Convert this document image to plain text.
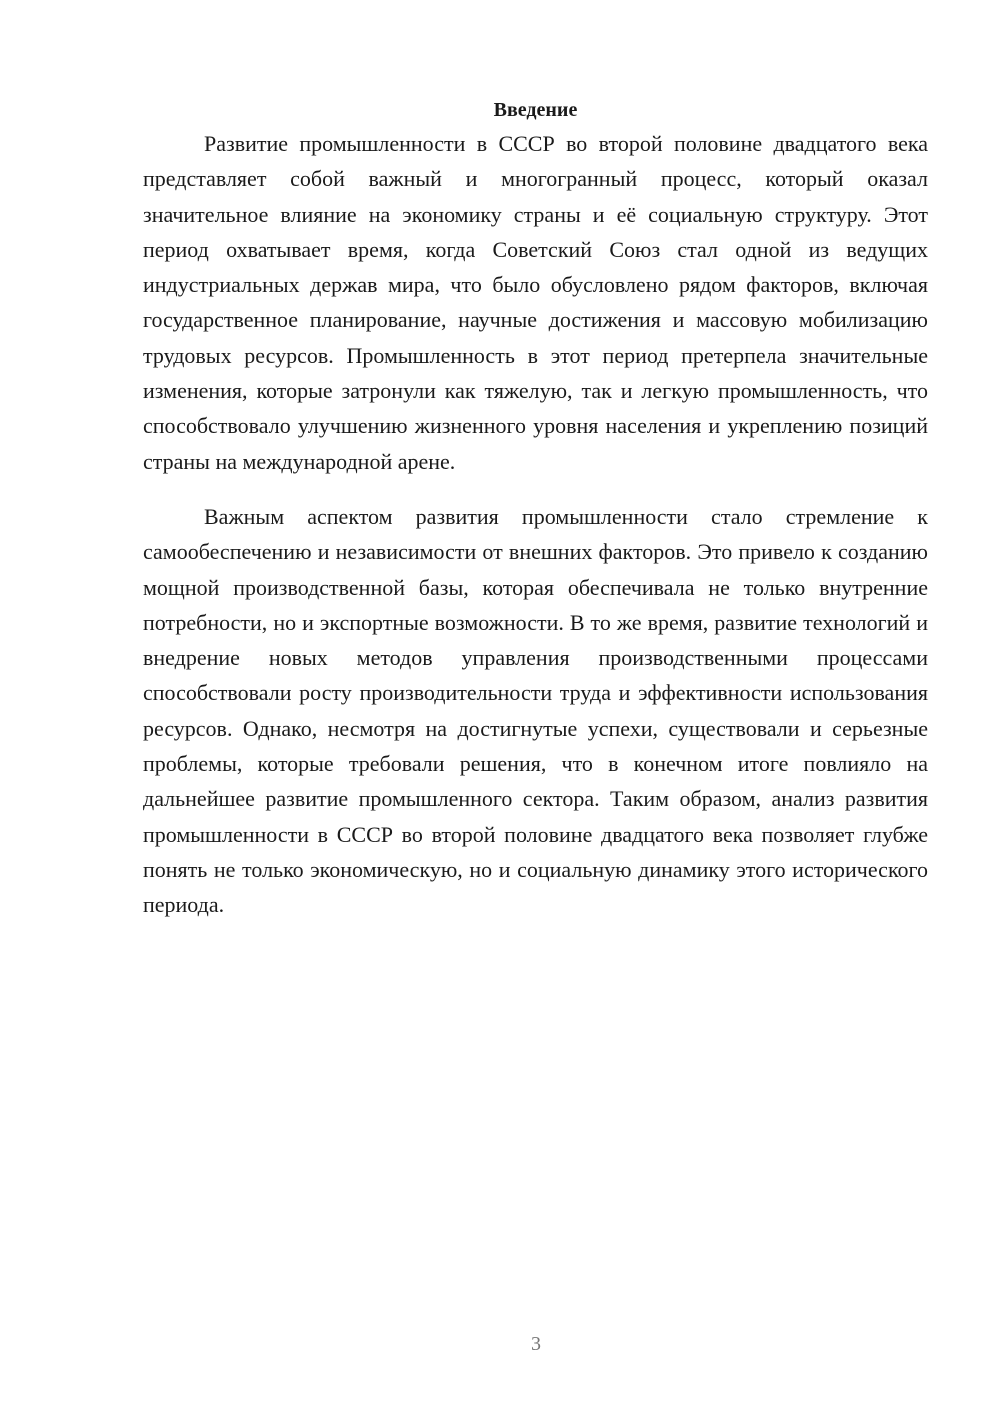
Введение

Развитие промышленности в СССР во второй половине двадцатого века представляет собой важный и многогранный процесс, который оказал значительное влияние на экономику страны и её социальную структуру. Этот период охватывает время, когда Советский Союз стал одной из ведущих индустриальных держав мира, что было обусловлено рядом факторов, включая государственное планирование, научные достижения и массовую мобилизацию трудовых ресурсов. Промышленность в этот период претерпела значительные изменения, которые затронули как тяжелую, так и легкую промышленность, что способствовало улучшению жизненного уровня населения и укреплению позиций страны на международной арене.

Важным аспектом развития промышленности стало стремление к самообеспечению и независимости от внешних факторов. Это привело к созданию мощной производственной базы, которая обеспечивала не только внутренние потребности, но и экспортные возможности. В то же время, развитие технологий и внедрение новых методов управления производственными процессами способствовали росту производительности труда и эффективности использования ресурсов. Однако, несмотря на достигнутые успехи, существовали и серьезные проблемы, которые требовали решения, что в конечном итоге повлияло на дальнейшее развитие промышленного сектора. Таким образом, анализ развития промышленности в СССР во второй половине двадцатого века позволяет глубже понять не только экономическую, но и социальную динамику этого исторического периода.

3
